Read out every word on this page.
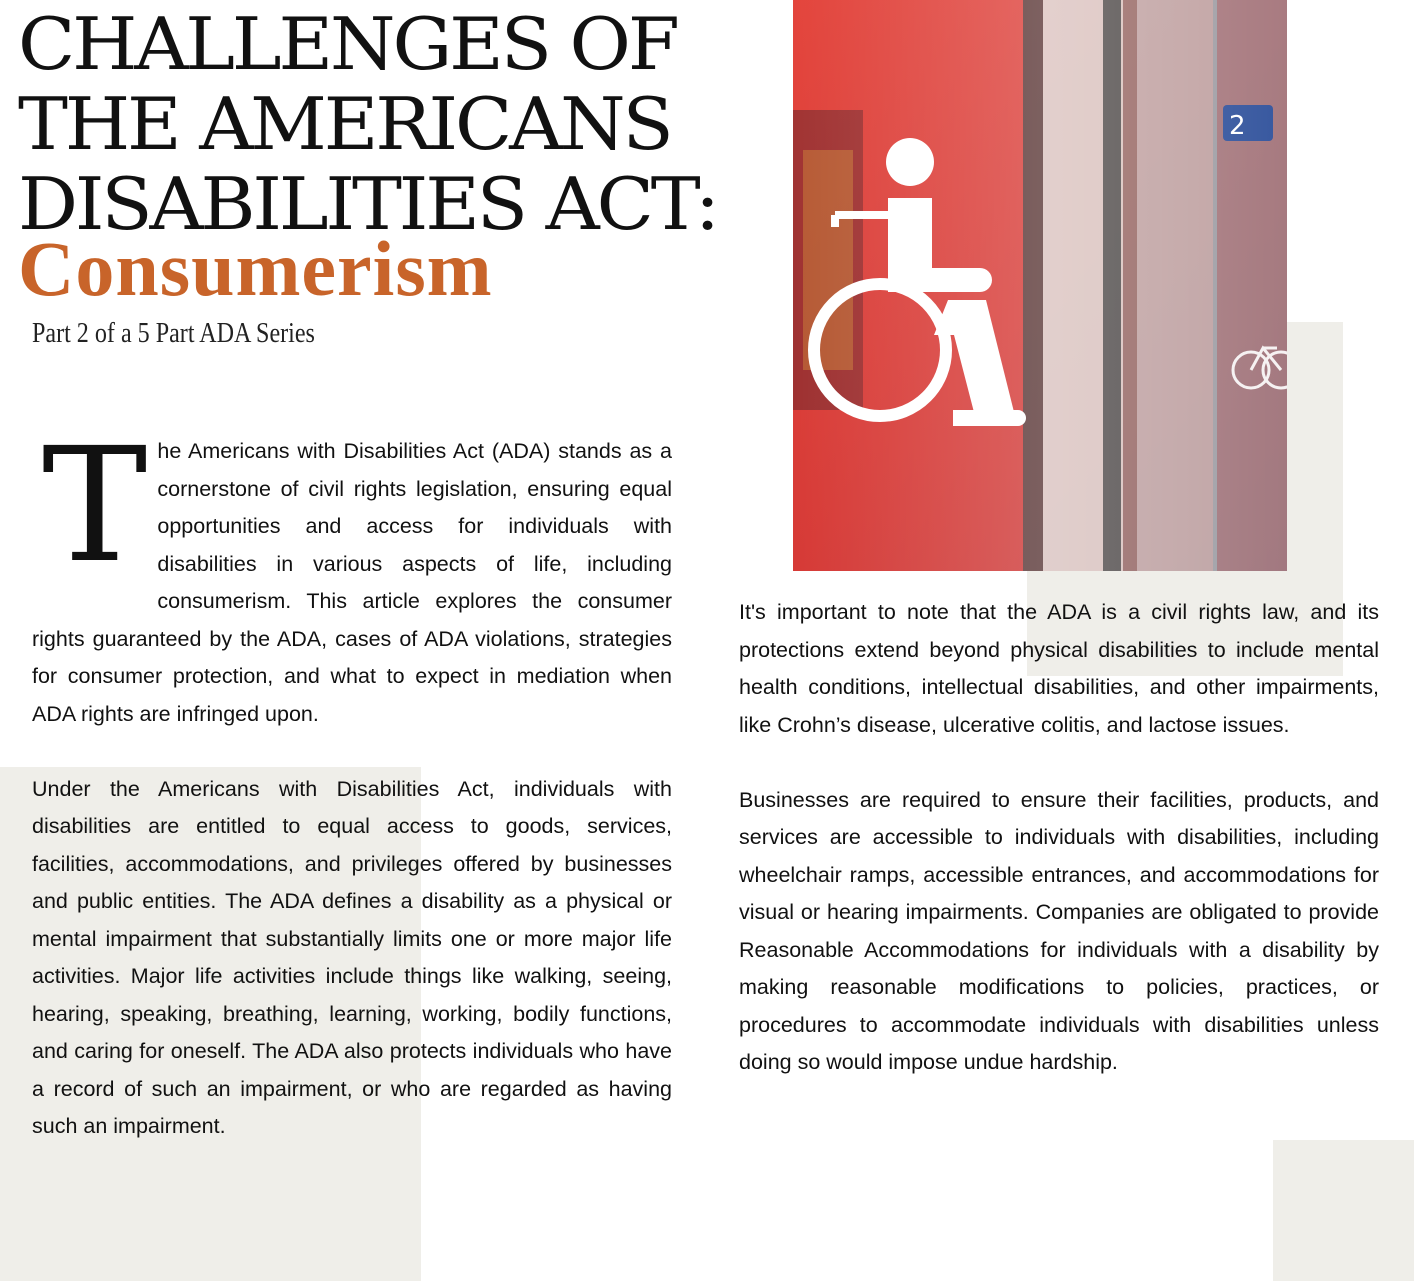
CHALLENGES OF
THE AMERICANS
DISABILITIES ACT:
Consumerism

Part 2 of a 5 Part ADA Series

The Americans with Disabilities Act (ADA) stands as a cornerstone of civil rights legislation, ensuring equal opportunities and access for individuals with disabilities in various aspects of life, including consumerism. This article explores the consumer rights guaranteed by the ADA, cases of ADA violations, strategies for consumer protection, and what to expect in mediation when ADA rights are infringed upon.

Under the Americans with Disabilities Act, individuals with disabilities are entitled to equal access to goods, services, facilities, accommodations, and privileges offered by businesses and public entities. The ADA defines a disability as a physical or mental impairment that substantially limits one or more major life activities. Major life activities include things like walking, seeing, hearing, speaking, breathing, learning, working, bodily functions, and caring for oneself. The ADA also protects individuals who have a record of such an impairment, or who are regarded as having such an impairment.

It's important to note that the ADA is a civil rights law, and its protections extend beyond physical disabilities to include mental health conditions, intellectual disabilities, and other impairments, like Crohn’s disease, ulcerative colitis, and lactose issues.

Businesses are required to ensure their facilities, products, and services are accessible to individuals with disabilities, including wheelchair ramps, accessible entrances, and accommodations for visual or hearing impairments. Companies are obligated to provide Reasonable Accommodations for individuals with a disability by making reasonable modifications to policies, practices, or procedures to accommodate individuals with disabilities unless doing so would impose undue hardship.
